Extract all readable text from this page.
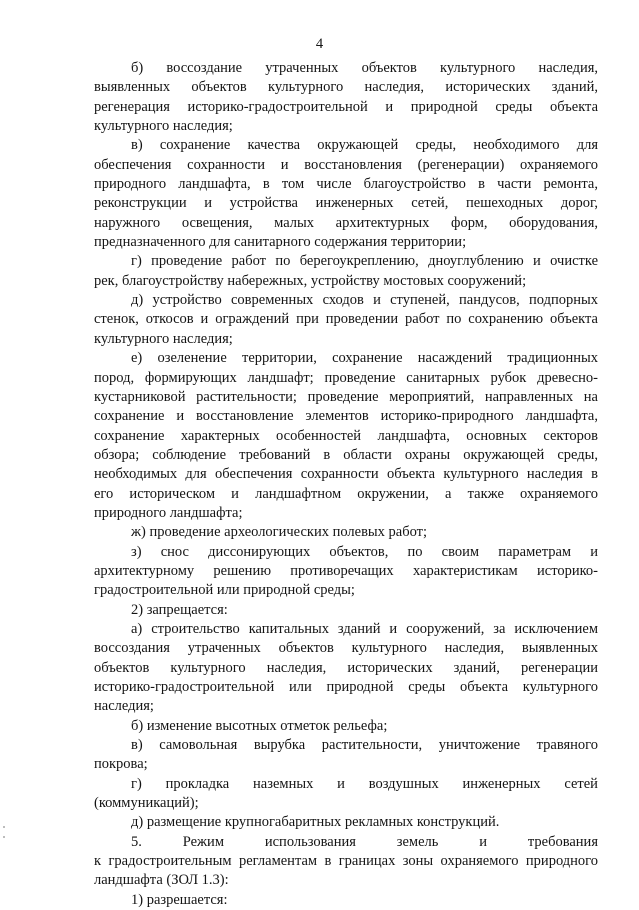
4
б) воссоздание утраченных объектов культурного наследия,
выявленных объектов культурного наследия, исторических зданий,
регенерация историко-градостроительной и природной среды объекта
культурного наследия;
в) сохранение качества окружающей среды, необходимого для
обеспечения сохранности и восстановления (регенерации) охраняемого
природного ландшафта, в том числе благоустройство в части ремонта,
реконструкции и устройства инженерных сетей, пешеходных дорог,
наружного освещения, малых архитектурных форм, оборудования,
предназначенного для санитарного содержания территории;
г) проведение работ по берегоукреплению, дноуглублению и очистке
рек, благоустройству набережных, устройству мостовых сооружений;
д) устройство современных сходов и ступеней, пандусов, подпорных
стенок, откосов и ограждений при проведении работ по сохранению объекта
культурного наследия;
е) озеленение территории, сохранение насаждений традиционных
пород, формирующих ландшафт; проведение санитарных рубок древесно-
кустарниковой растительности; проведение мероприятий, направленных на
сохранение и восстановление элементов историко-природного ландшафта,
сохранение характерных особенностей ландшафта, основных секторов
обзора; соблюдение требований в области охраны окружающей среды,
необходимых для обеспечения сохранности объекта культурного наследия в
его историческом и ландшафтном окружении, а также охраняемого
природного ландшафта;
ж) проведение археологических полевых работ;
з) снос диссонирующих объектов, по своим параметрам и
архитектурному решению противоречащих характеристикам историко-
градостроительной или природной среды;
2) запрещается:
а) строительство капитальных зданий и сооружений, за исключением
воссоздания утраченных объектов культурного наследия, выявленных
объектов культурного наследия, исторических зданий, регенерации
историко-градостроительной или природной среды объекта культурного
наследия;
б) изменение высотных отметок рельефа;
в) самовольная вырубка растительности, уничтожение травяного
покрова;
г) прокладка наземных и воздушных инженерных сетей
(коммуникаций);
д) размещение крупногабаритных рекламных конструкций.
5.	Режим	использования	земель	и	требования
к градостроительным регламентам в границах зоны охраняемого природного
ландшафта (ЗОЛ 1.3):
1) разрешается:
